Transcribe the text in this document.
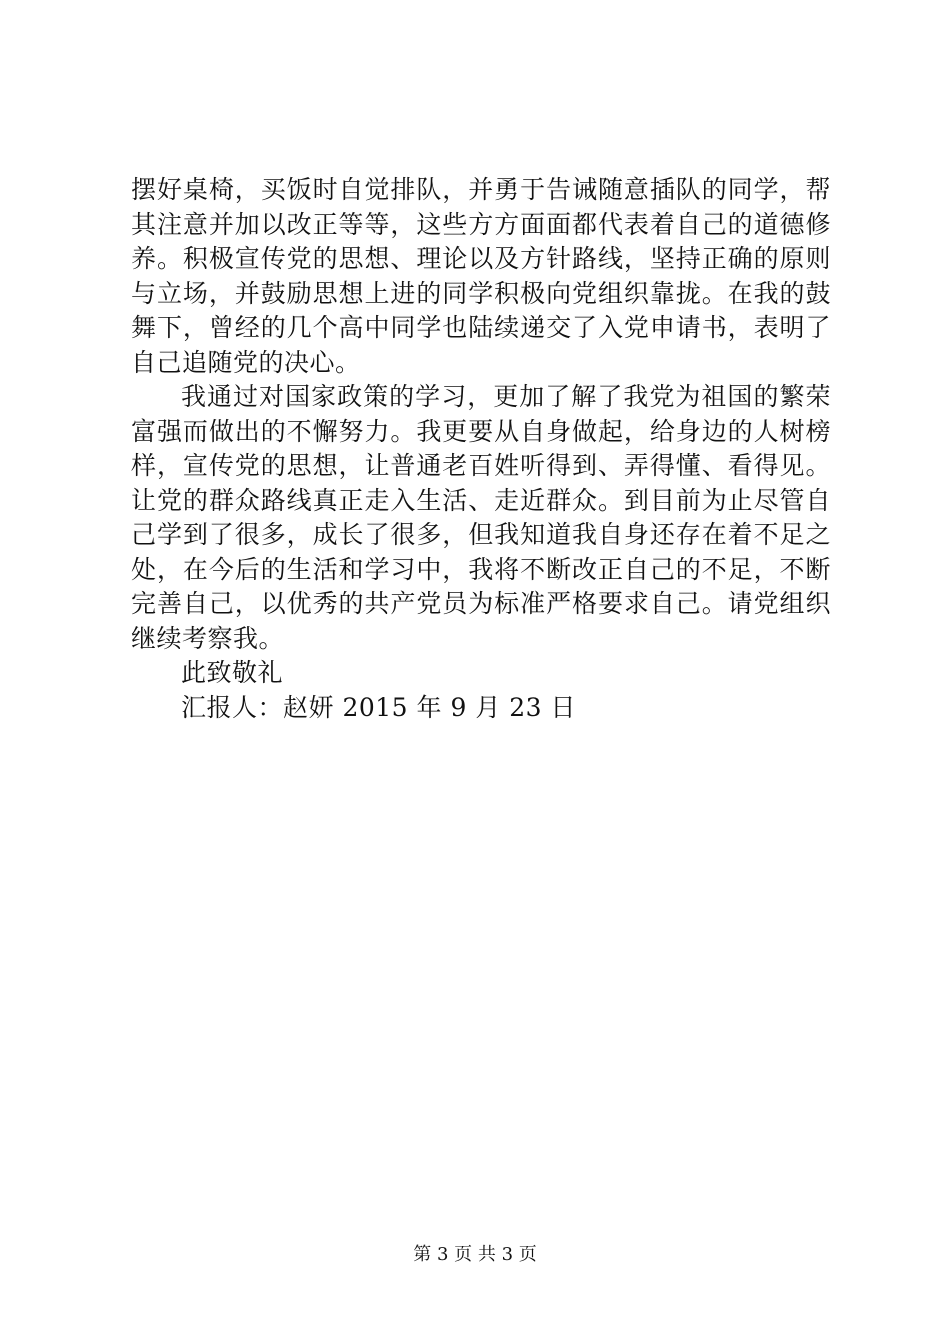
摆好桌椅，买饭时自觉排队，并勇于告诫随意插队的同学，帮其注意并加以改正等等，这些方方面面都代表着自己的道德修养。积极宣传党的思想、理论以及方针路线，坚持正确的原则与立场，并鼓励思想上进的同学积极向党组织靠拢。在我的鼓舞下，曾经的几个高中同学也陆续递交了入党申请书，表明了自己追随党的决心。

我通过对国家政策的学习，更加了解了我党为祖国的繁荣富强而做出的不懈努力。我更要从自身做起，给身边的人树榜样，宣传党的思想，让普通老百姓听得到、弄得懂、看得见。让党的群众路线真正走入生活、走近群众。到目前为止尽管自己学到了很多，成长了很多，但我知道我自身还存在着不足之处，在今后的生活和学习中，我将不断改正自己的不足，不断完善自己，以优秀的共产党员为标准严格要求自己。请党组织继续考察我。

此致敬礼

汇报人：赵妍 2015 年 9 月 23 日

第 3 页 共 3 页
